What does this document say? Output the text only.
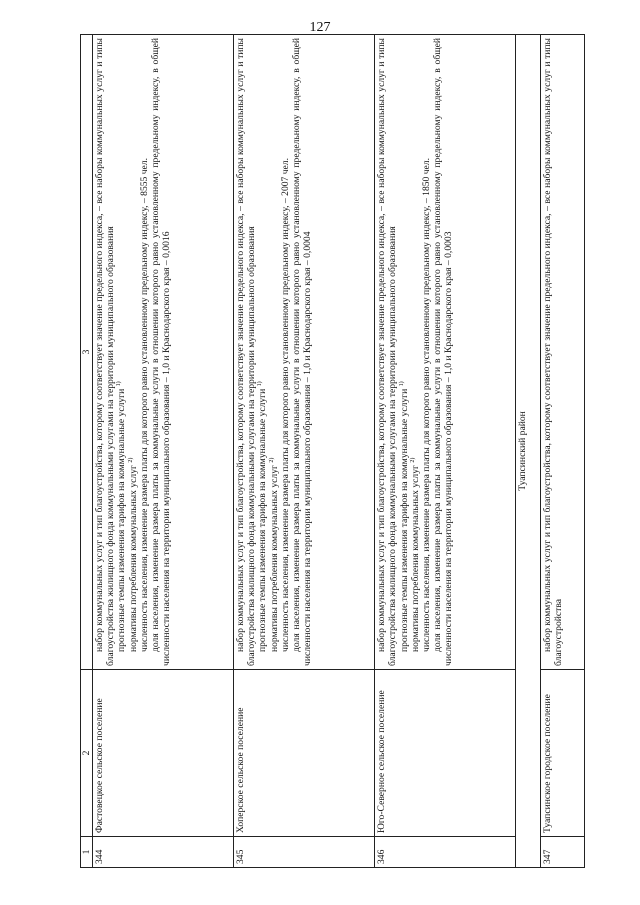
127
1	2	3
344	Фастовецкое сельское поселение	набор коммунальных услуг и тип благоустройства, которому соответствует значение предельного индекса, – все наборы коммунальных услуг и типы благоустройства жилищного фонда коммунальными услугами на территории муниципального образования прогнозные темпы изменения тарифов на коммунальные услуги $^{1)}$

нормативы потребления коммунальных услуг $^{2)}$ численность населения, изменение размера платы для которого равно установленному предельному индексу, – 8555 чел. доля населения, изменение размера платы за коммунальные услуги в отношении которого равно установленному предельному индексу, в общей численности населения на территории муниципального образования – 1,0 и Краснодарского края – 0,0016

345	Хоперское сельское поселение	набор коммунальных услуг и тип благоустройства, которому соответствует значение предельного индекса, – все наборы коммунальных услуг и типы благоустройства жилищного фонда коммунальными услугами на территории муниципального образования прогнозные темпы изменения тарифов на коммунальные услуги $^{1)}$

нормативы потребления коммунальных услуг $^{2)}$ численность населения, изменение размера платы для которого равно установленному предельному индексу, – 2007 чел. доля населения, изменение размера платы за коммунальные услуги в отношении которого равно установленному предельному индексу, в общей численности населения на территории муниципального образования – 1,0 и Краснодарского края – 0,0004

346	Юго-Северное сельское поселение	набор коммунальных услуг и тип благоустройства, которому соответствует значение предельного индекса, – все наборы коммунальных услуг и типы благоустройства жилищного фонда коммунальными услугами на территории муниципального образования прогнозные темпы изменения тарифов на коммунальные услуги $^{1)}$

нормативы потребления коммунальных услуг $^{2)}$ численность населения, изменение размера платы для которого равно установленному предельному индексу, – 1850 чел. доля населения, изменение размера платы за коммунальные услуги в отношении которого равно установленному предельному индексу, в общей численности населения на территории муниципального образования – 1,0 и Краснодарского края – 0,0003

Туапсинский район		
347	Туапсинское городское поселение	набор коммунальных услуг и тип благоустройства, которому соответствует значение предельного индекса, – все наборы коммунальных услуг и типы благоустройства
